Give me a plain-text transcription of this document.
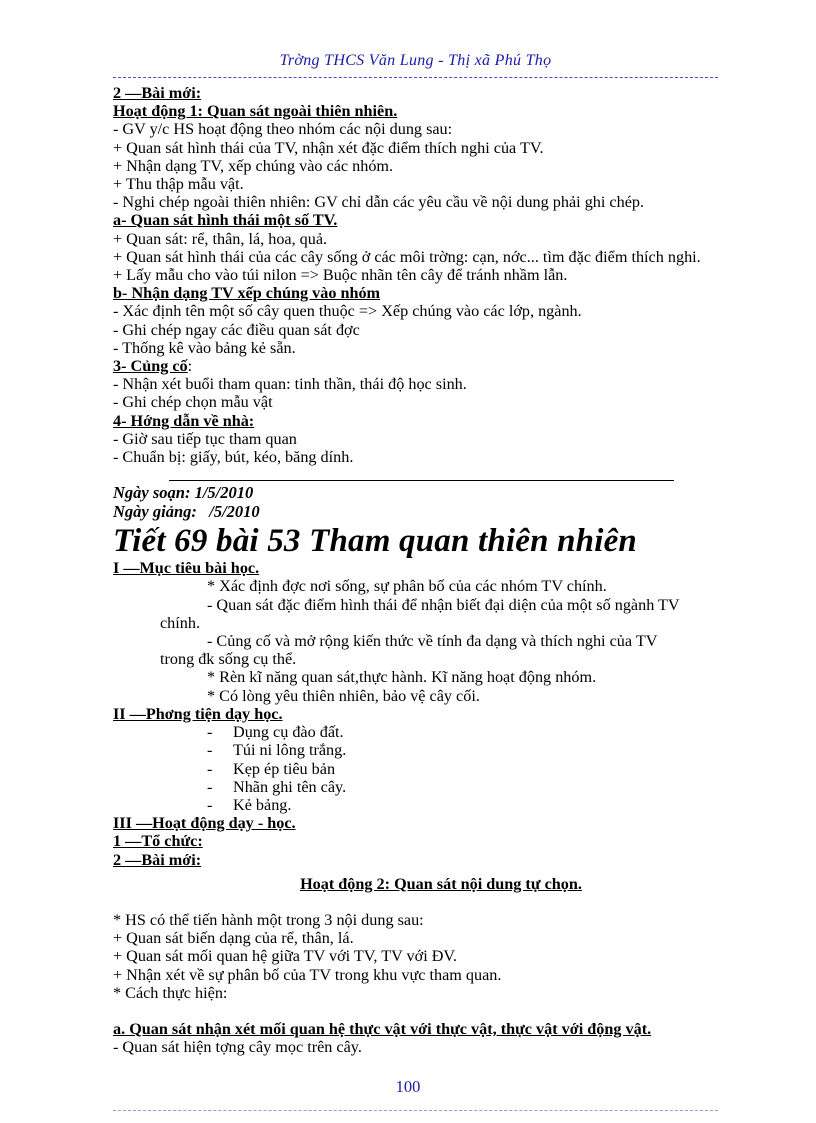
Trờng THCS Văn Lung - Thị xã Phú Thọ
2 —Bài mới:
Hoạt động 1: Quan sát ngoài thiên nhiên.
- GV y/c HS hoạt động theo nhóm các nội dung sau:
+ Quan sát hình thái của TV, nhận xét đặc điểm thích nghi của TV.
+ Nhận dạng TV, xếp chúng vào các nhóm.
+ Thu thập mẫu vật.
- Nghi chép ngoài thiên nhiên: GV chỉ dẫn các yêu cầu về nội dung phải ghi chép.
a- Quan sát hình thái một số TV.
+ Quan sát: rể, thân, lá, hoa, quả.
+ Quan sát hình thái của các cây sống ở các môi trờng: cạn, nớc... tìm đặc điểm thích nghi.
+ Lấy mẫu cho vào túi nilon => Buộc nhãn tên cây để tránh nhầm lẫn.
b- Nhận dạng TV xếp chúng vào nhóm
- Xác định tên một số cây quen thuộc => Xếp chúng vào các lớp, ngành.
- Ghi chép ngay các điều quan sát đợc
- Thống kê vào bảng kẻ sẵn.
3- Củng cố:
- Nhận xét buổi tham quan: tinh thần, thái độ học sinh.
- Ghi chép chọn mẫu vật
4- Hớng dẫn về nhà:
- Giờ sau tiếp tục tham quan
- Chuẩn bị: giấy, bút, kéo, băng dính.
Ngày soạn: 1/5/2010
Ngày giảng: /5/2010
Tiết 69 bài 53 Tham quan thiên nhiên
I —Mục tiêu bài học.
* Xác định đợc nơi sống, sự phân bố của các nhóm TV chính.
- Quan sát đặc điểm hình thái để nhận biết đại diện của một số ngành TV
chính.
- Củng cố và mở rộng kiến thức về tính đa dạng và thích nghi của TV
trong đk sống cụ thể.
* Rèn kĩ năng quan sát,thực hành. Kĩ năng hoạt động nhóm.
* Có lòng yêu thiên nhiên, bảo vệ cây cối.
II —Phơng tiện dạy học.
- Dụng cụ đào đất.
- Túi ni lông trắng.
- Kẹp ép tiêu bản
- Nhãn ghi tên cây.
- Kẻ bảng.
III —Hoạt động dạy - học.
1 —Tổ chức:
2 —Bài mới:
Hoạt động 2: Quan sát nội dung tự chọn.
* HS có thể tiến hành một trong 3 nội dung sau:
+ Quan sát biến dạng của rể, thân, lá.
+ Quan sát mối quan hệ giữa TV với TV, TV với ĐV.
+ Nhận xét về sự phân bố của TV trong khu vực tham quan.
* Cách thực hiện:
a. Quan sát nhận xét mối quan hệ thực vật với thực vật, thực vật với động vật.
- Quan sát hiện tợng cây mọc trên cây.
100
